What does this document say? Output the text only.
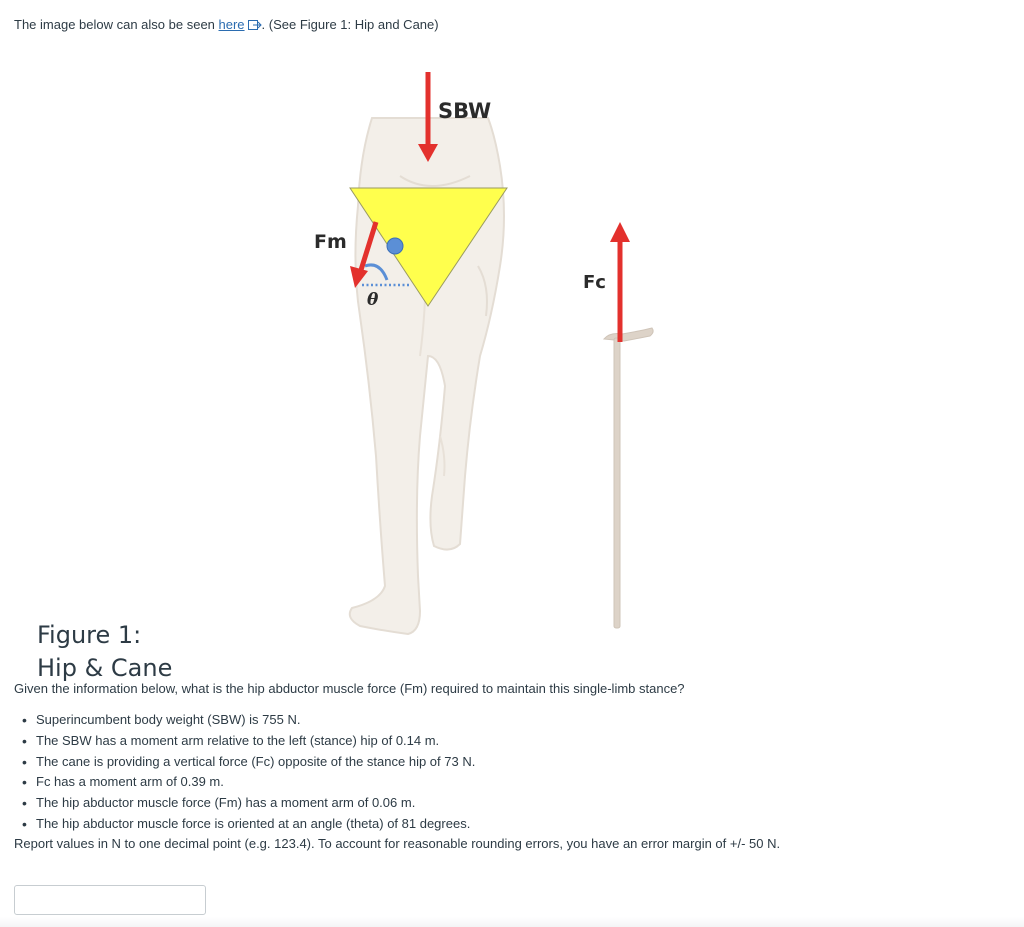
The image below can also be seen here . (See Figure 1: Hip and Cane)
SBW
Fm
Fc
θ
Figure 1:
Hip & Cane

Given the information below, what is the hip abductor muscle force (Fm) required to maintain this single-limb stance?

• Superincumbent body weight (SBW) is 755 N.
• The SBW has a moment arm relative to the left (stance) hip of 0.14 m.
• The cane is providing a vertical force (Fc) opposite of the stance hip of 73 N.
• Fc has a moment arm of 0.39 m.
• The hip abductor muscle force (Fm) has a moment arm of 0.06 m.
• The hip abductor muscle force is oriented at an angle (theta) of 81 degrees.

Report values in N to one decimal point (e.g. 123.4). To account for reasonable rounding errors, you have an error margin of +/- 50 N.
